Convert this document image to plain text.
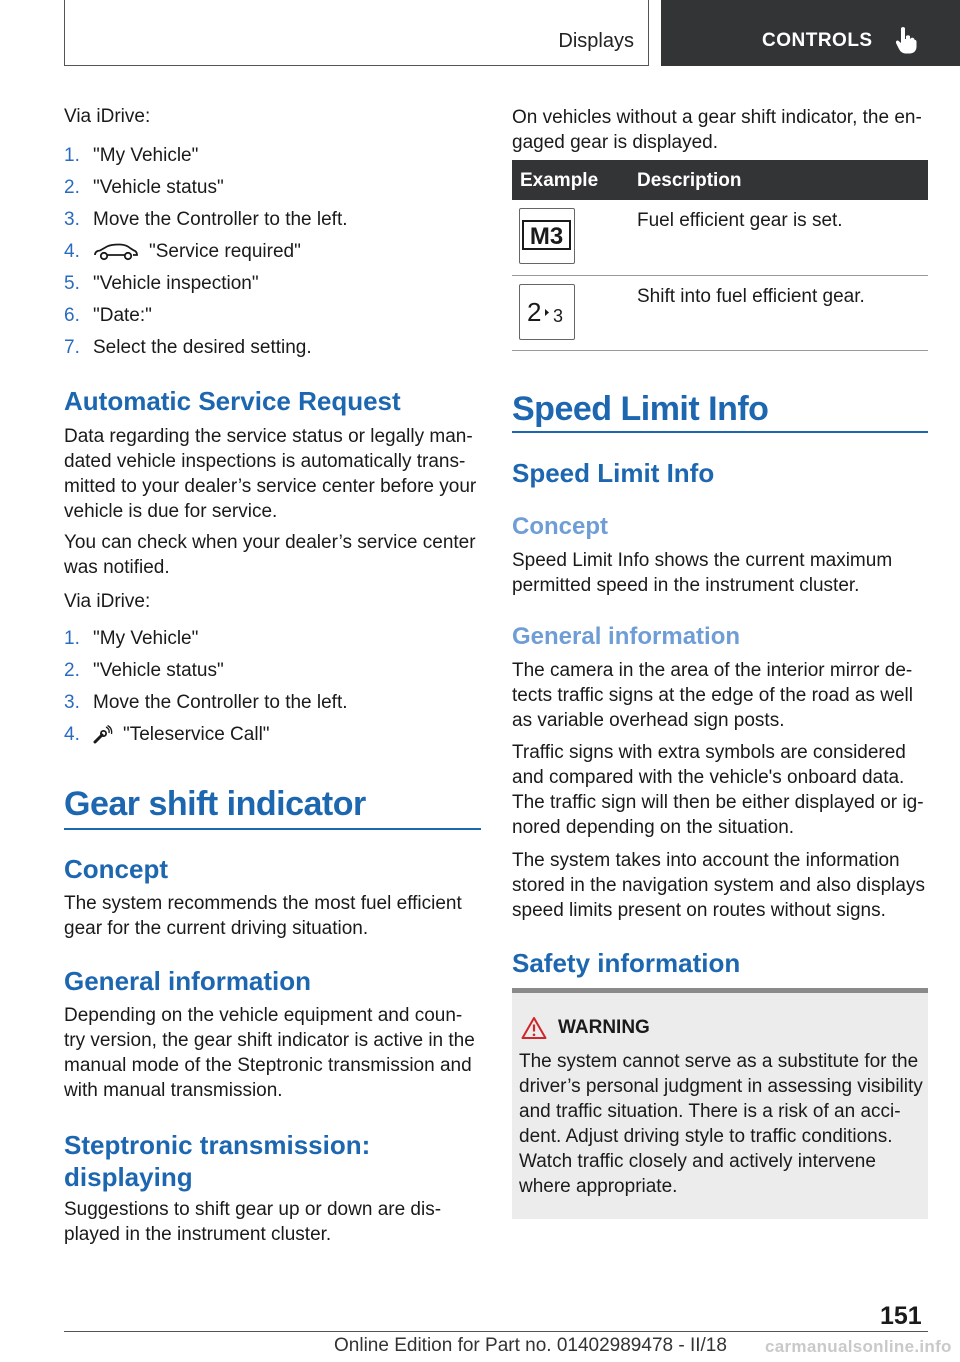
Displays	CONTROLS
Via iDrive:
1. "My Vehicle"
2. "Vehicle status"
3. Move the Controller to the left.
4.	"Service required"
5. "Vehicle inspection"
6. "Date:"
7. Select the desired setting.
Automatic Service Request
Data regarding the service status or legally man‐
dated vehicle inspections is automatically trans‐
mitted to your dealer’s service center before your
vehicle is due for service.
You can check when your dealer’s service center
was notified.
Via iDrive:
1. "My Vehicle"
2. "Vehicle status"
3. Move the Controller to the left.
4. "Teleservice Call"
Gear shift indicator
Concept
The system recommends the most fuel efficient
gear for the current driving situation.
General information
Depending on the vehicle equipment and coun‐
try version, the gear shift indicator is active in the
manual mode of the Steptronic transmission and
with manual transmission.
Steptronic transmission:
displaying
Suggestions to shift gear up or down are dis‐
played in the instrument cluster.
On vehicles without a gear shift indicator, the en‐
gaged gear is displayed.
Example Description
M3
Fuel efficient gear is set.
2 3
Shift into fuel efficient gear.
Speed Limit Info
Speed Limit Info
Concept
Speed Limit Info shows the current maximum
permitted speed in the instrument cluster.
General information
The camera in the area of the interior mirror de‐
tects traffic signs at the edge of the road as well
as variable overhead sign posts.
Traffic signs with extra symbols are considered
and compared with the vehicle's onboard data.
The traffic sign will then be either displayed or ig‐
nored depending on the situation.
The system takes into account the information
stored in the navigation system and also displays
speed limits present on routes without signs.
Safety information
WARNING
The system cannot serve as a substitute for the
driver’s personal judgment in assessing visibility
and traffic situation. There is a risk of an acci‐
dent. Adjust driving style to traffic conditions.
Watch traffic closely and actively intervene
where appropriate.
151
Online Edition for Part no. 01402989478 - II/18 carmanualsonline.info
